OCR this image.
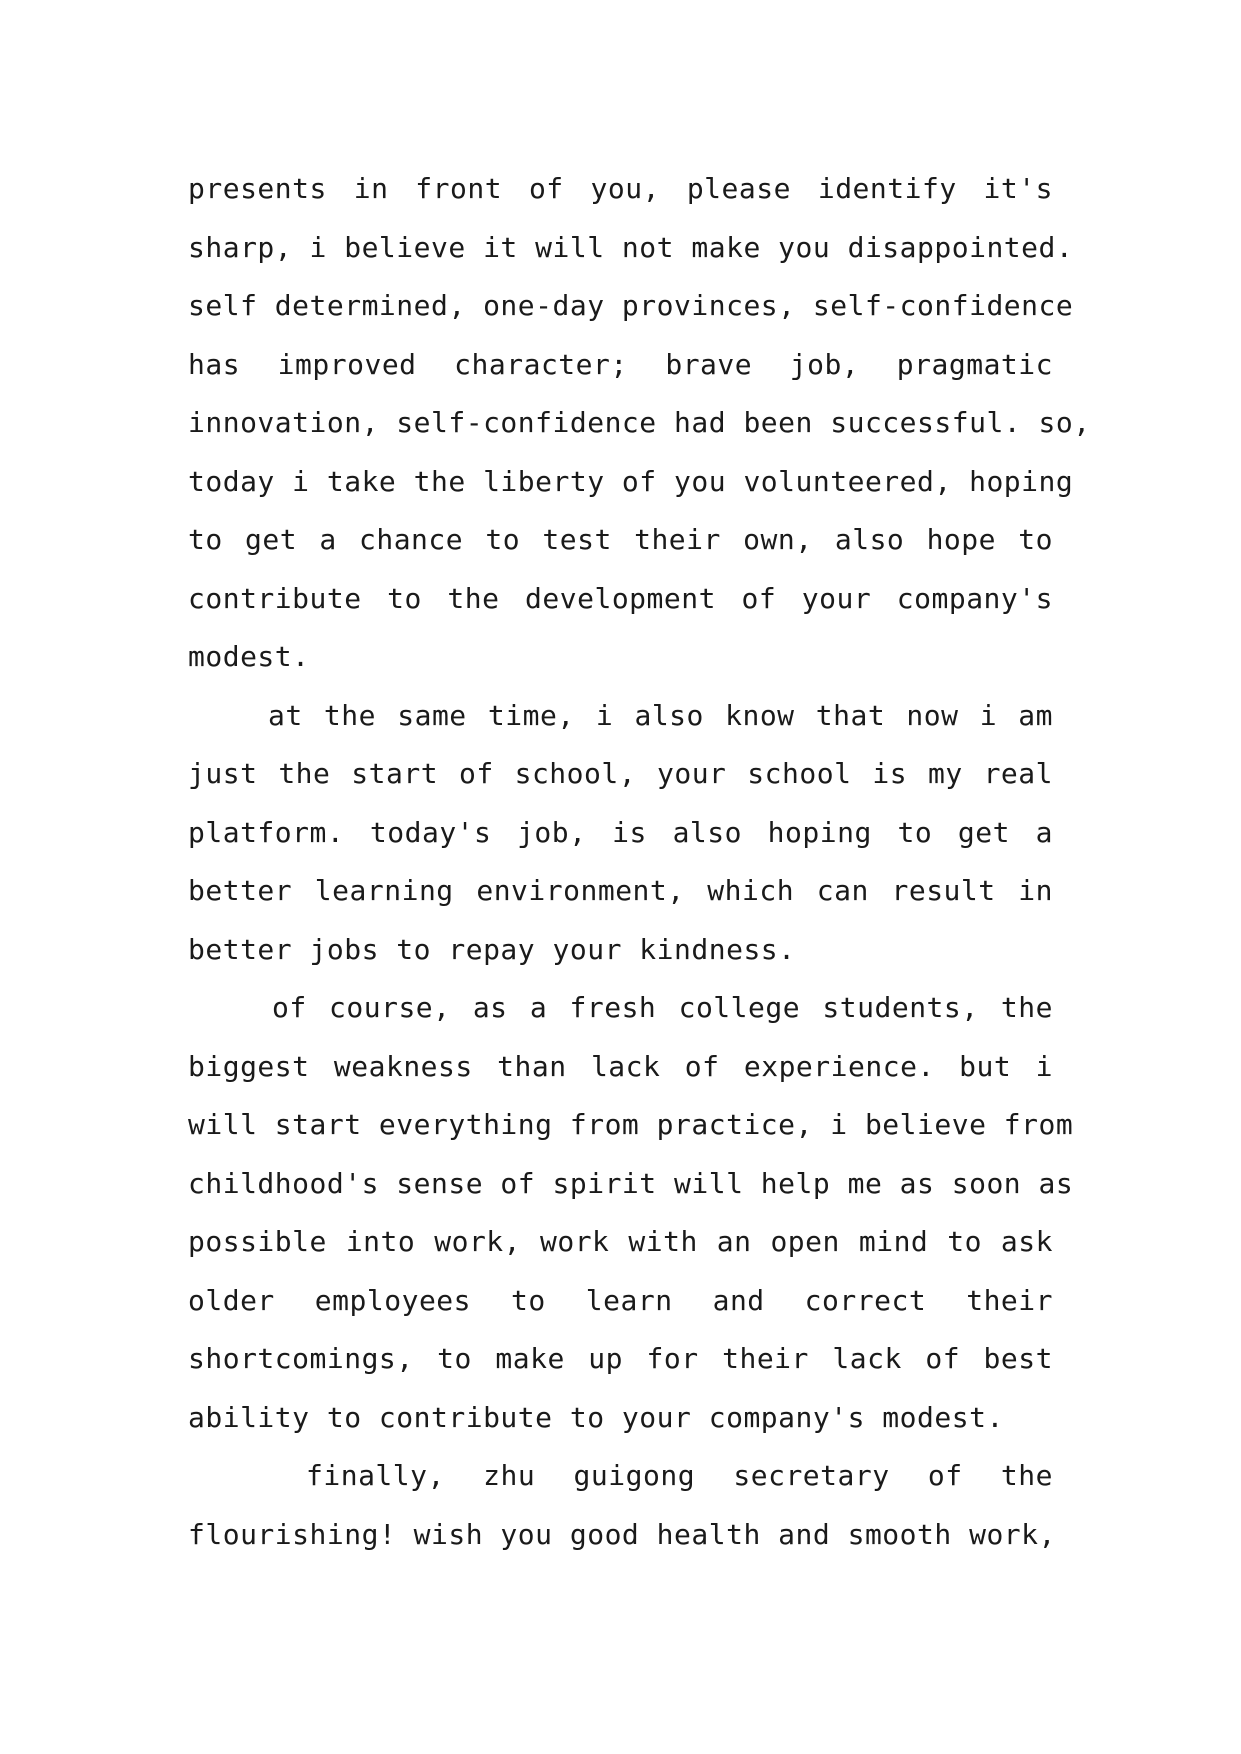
presents in front of you, please identify it's
sharp, i believe it will not make you disappointed.
self determined, one-day provinces, self-confidence
has improved character; brave job, pragmatic
innovation, self-confidence had been successful. so,
today i take the liberty of you volunteered, hoping
to get a chance to test their own, also hope to
contribute to the development of your company's
modest.
at the same time, i also know that now i am
just the start of school, your school is my real
platform. today's job, is also hoping to get a
better learning environment, which can result in
better jobs to repay your kindness.
of course, as a fresh college students, the
biggest weakness than lack of experience. but i
will start everything from practice, i believe from
childhood's sense of spirit will help me as soon as
possible into work, work with an open mind to ask
older employees to learn and correct their
shortcomings, to make up for their lack of best
ability to contribute to your company's modest.
finally, zhu guigong secretary of the
flourishing! wish you good health and smooth work,
